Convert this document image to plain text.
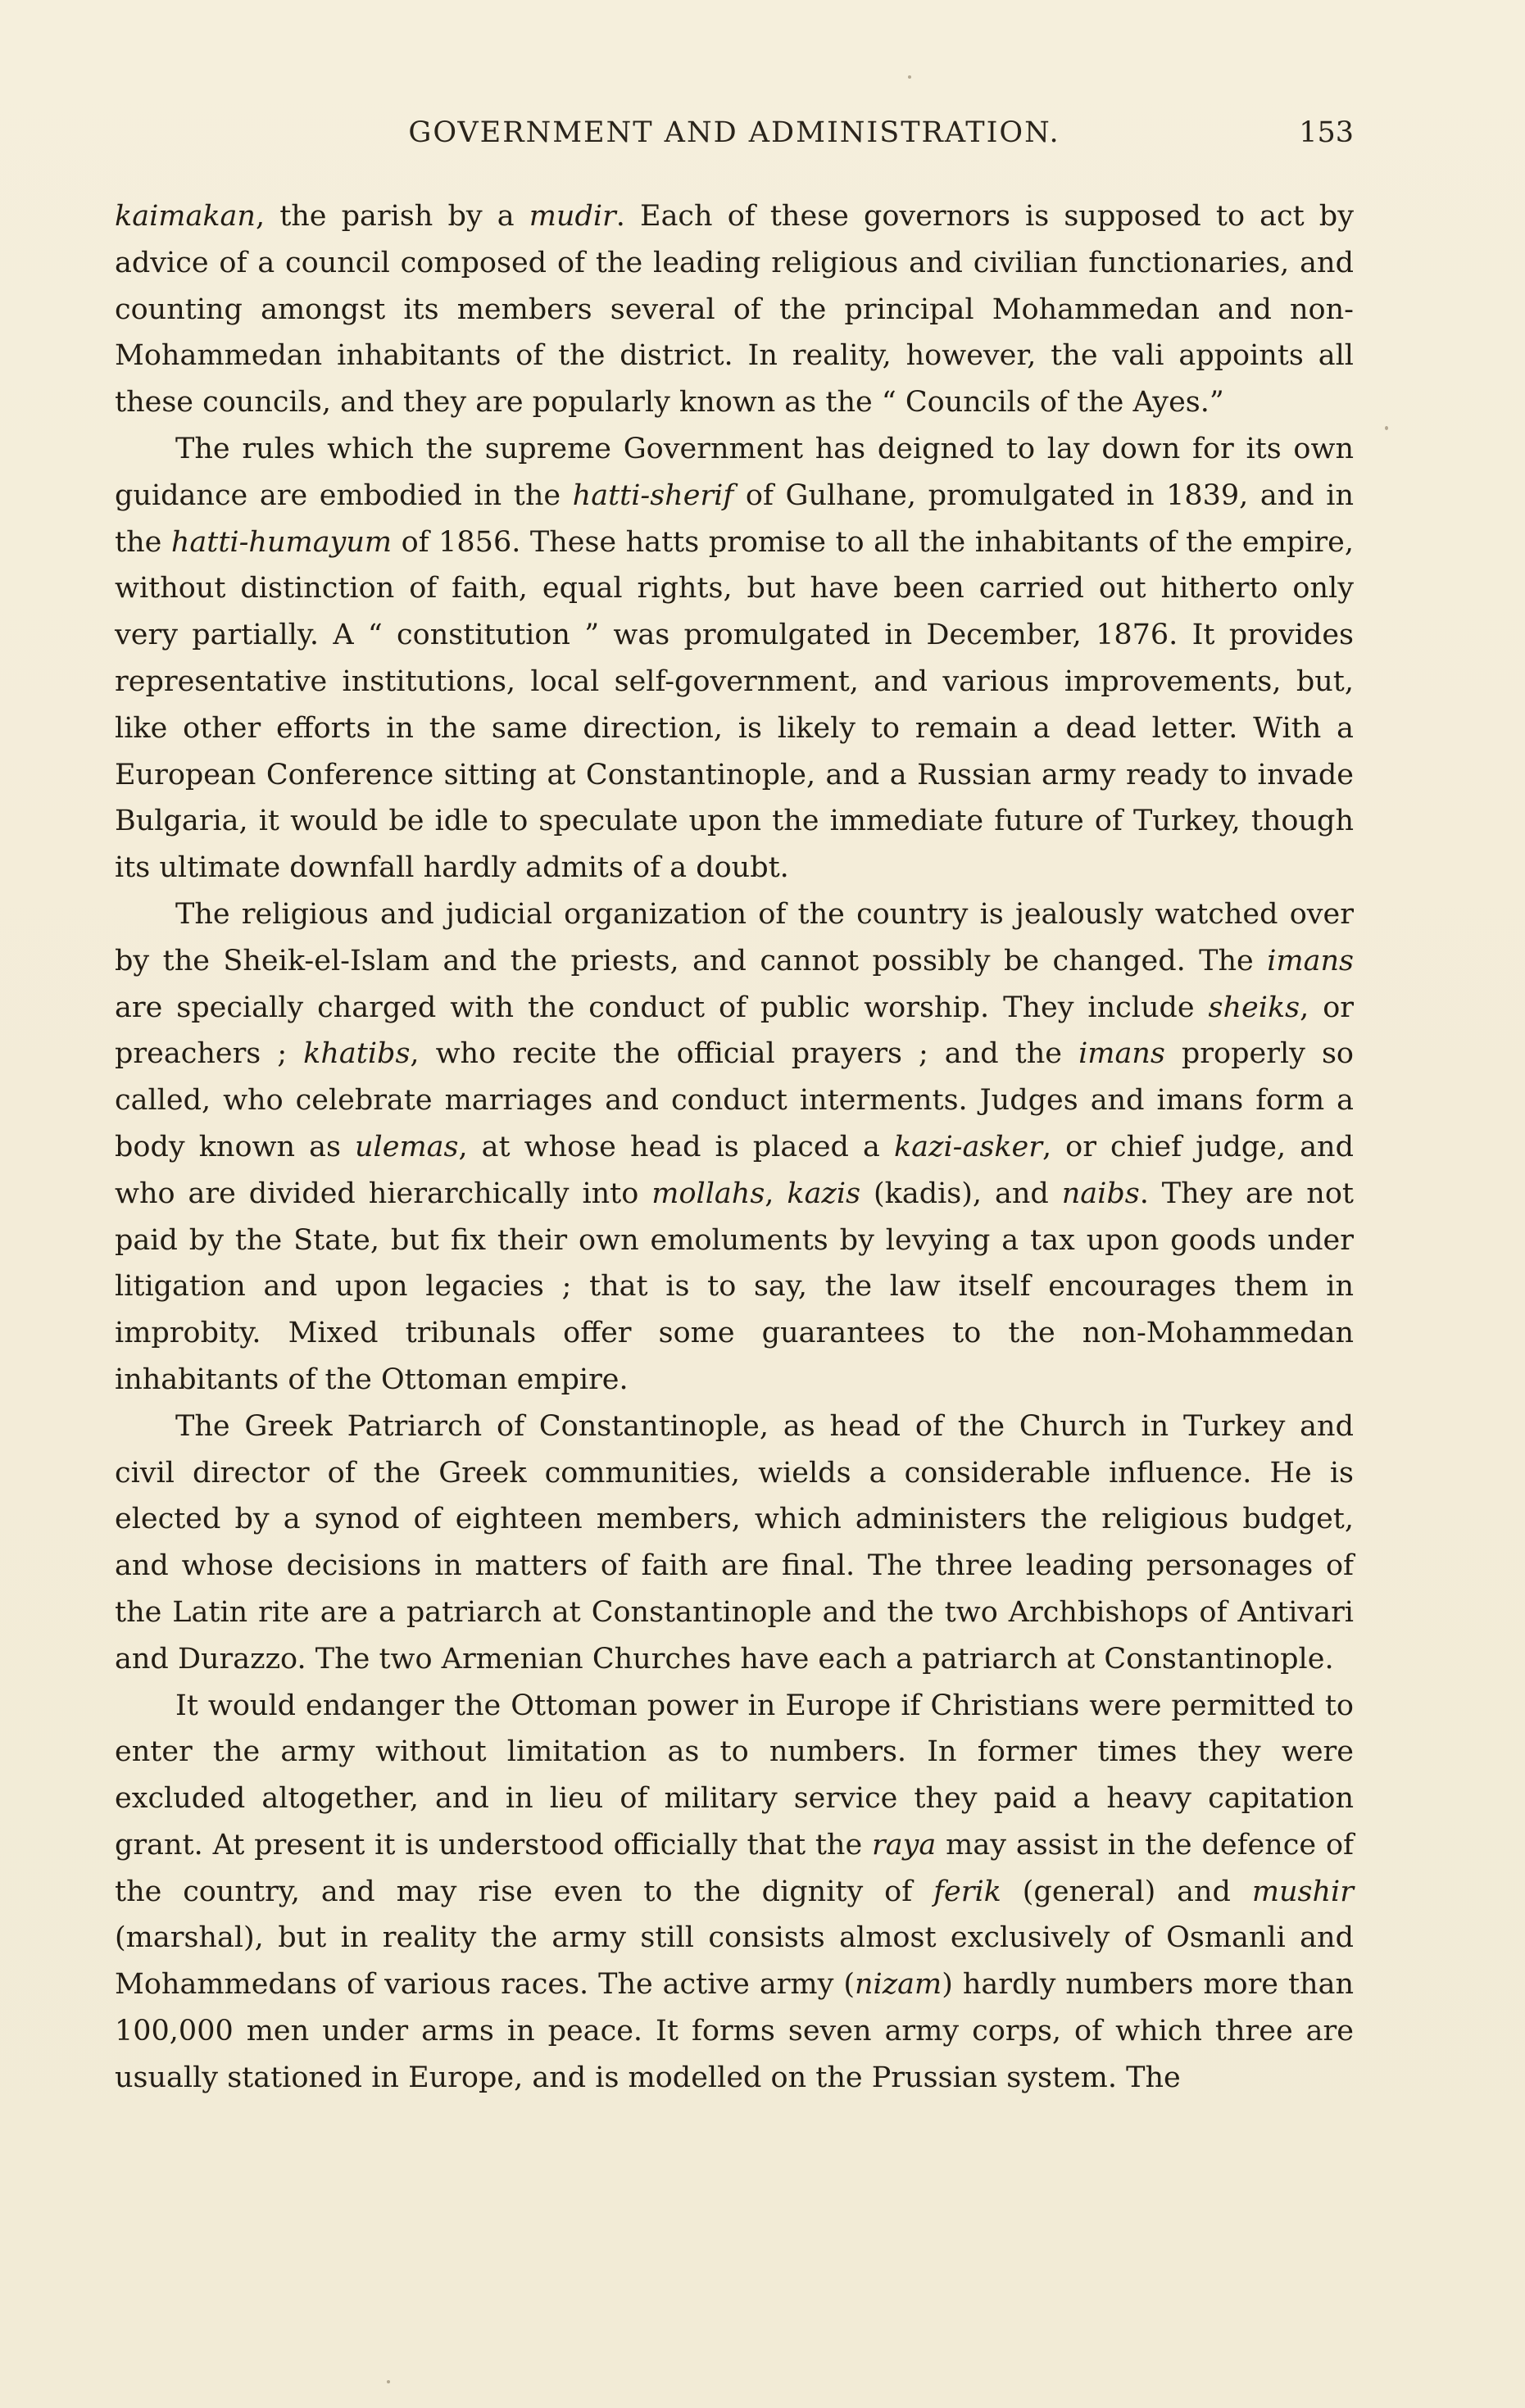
GOVERNMENT AND ADMINISTRATION.	153

kaimakan, the parish by a mudir. Each of these governors is supposed to act by advice of a council composed of the leading religious and civilian functionaries, and counting amongst its members several of the principal Mohammedan and non-Mohammedan inhabitants of the district. In reality, however, the vali appoints all these councils, and they are popularly known as the “ Councils of the Ayes.”

The rules which the supreme Government has deigned to lay down for its own guidance are embodied in the hatti-sherif of Gulhane, promulgated in 1839, and in the hatti-humayum of 1856. These hatts promise to all the inhabitants of the empire, without distinction of faith, equal rights, but have been carried out hitherto only very partially. A “ constitution ” was promulgated in December, 1876. It provides representative institutions, local self-government, and various improvements, but, like other efforts in the same direction, is likely to remain a dead letter. With a European Conference sitting at Constantinople, and a Russian army ready to invade Bulgaria, it would be idle to speculate upon the immediate future of Turkey, though its ultimate downfall hardly admits of a doubt.

The religious and judicial organization of the country is jealously watched over by the Sheik-el-Islam and the priests, and cannot possibly be changed. The imans are specially charged with the conduct of public worship. They include sheiks, or preachers ; khatibs, who recite the official prayers ; and the imans properly so called, who celebrate marriages and conduct interments. Judges and imans form a body known as ulemas, at whose head is placed a kazi-asker, or chief judge, and who are divided hierarchically into mollahs, kazis (kadis), and naibs. They are not paid by the State, but fix their own emoluments by levying a tax upon goods under litigation and upon legacies ; that is to say, the law itself encourages them in improbity. Mixed tribunals offer some guarantees to the non-Mohammedan inhabitants of the Ottoman empire.

The Greek Patriarch of Constantinople, as head of the Church in Turkey and civil director of the Greek communities, wields a considerable influence. He is elected by a synod of eighteen members, which administers the religious budget, and whose decisions in matters of faith are final. The three leading personages of the Latin rite are a patriarch at Constantinople and the two Archbishops of Antivari and Durazzo. The two Armenian Churches have each a patriarch at Constantinople.

It would endanger the Ottoman power in Europe if Christians were permitted to enter the army without limitation as to numbers. In former times they were excluded altogether, and in lieu of military service they paid a heavy capitation grant. At present it is understood officially that the raya may assist in the defence of the country, and may rise even to the dignity of ferik (general) and mushir (marshal), but in reality the army still consists almost exclusively of Osmanli and Mohammedans of various races. The active army (nizam) hardly numbers more than 100,000 men under arms in peace. It forms seven army corps, of which three are usually stationed in Europe, and is modelled on the Prussian system. The
